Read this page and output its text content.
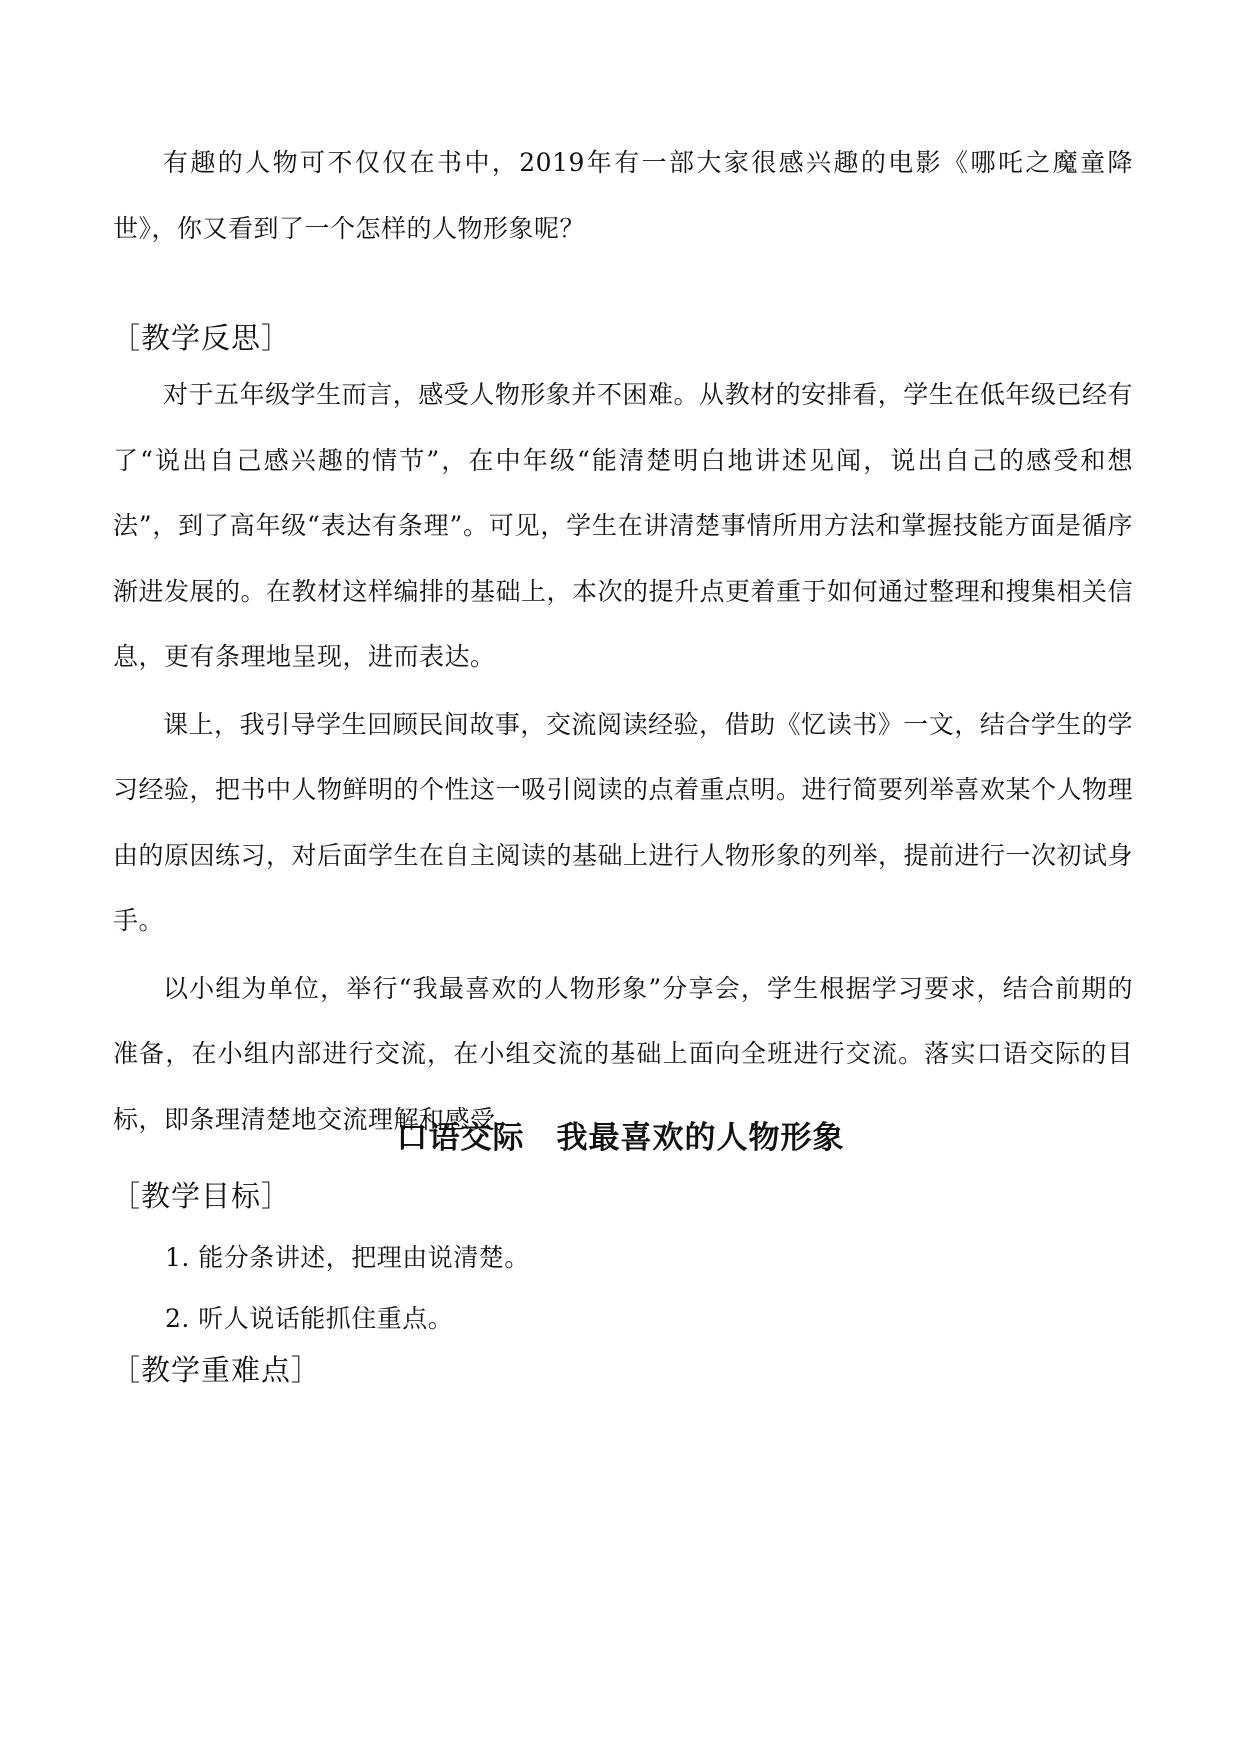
有趣的人物可不仅仅在书中，2019年有一部大家很感兴趣的电影《哪吒之魔童降世》，你又看到了一个怎样的人物形象呢？

［教学反思］

对于五年级学生而言，感受人物形象并不困难。从教材的安排看，学生在低年级已经有了“说出自己感兴趣的情节”，在中年级“能清楚明白地讲述见闻，说出自己的感受和想法”，到了高年级“表达有条理”。可见，学生在讲清楚事情所用方法和掌握技能方面是循序渐进发展的。在教材这样编排的基础上，本次的提升点更着重于如何通过整理和搜集相关信息，更有条理地呈现，进而表达。

课上，我引导学生回顾民间故事，交流阅读经验，借助《忆读书》一文，结合学生的学习经验，把书中人物鲜明的个性这一吸引阅读的点着重点明。进行简要列举喜欢某个人物理由的原因练习，对后面学生在自主阅读的基础上进行人物形象的列举，提前进行一次初试身手。

以小组为单位，举行“我最喜欢的人物形象”分享会，学生根据学习要求，结合前期的准备，在小组内部进行交流，在小组交流的基础上面向全班进行交流。落实口语交际的目标，即条理清楚地交流理解和感受。

口语交际　我最喜欢的人物形象

［教学目标］

1. 能分条讲述，把理由说清楚。

2. 听人说话能抓住重点。

［教学重难点］
